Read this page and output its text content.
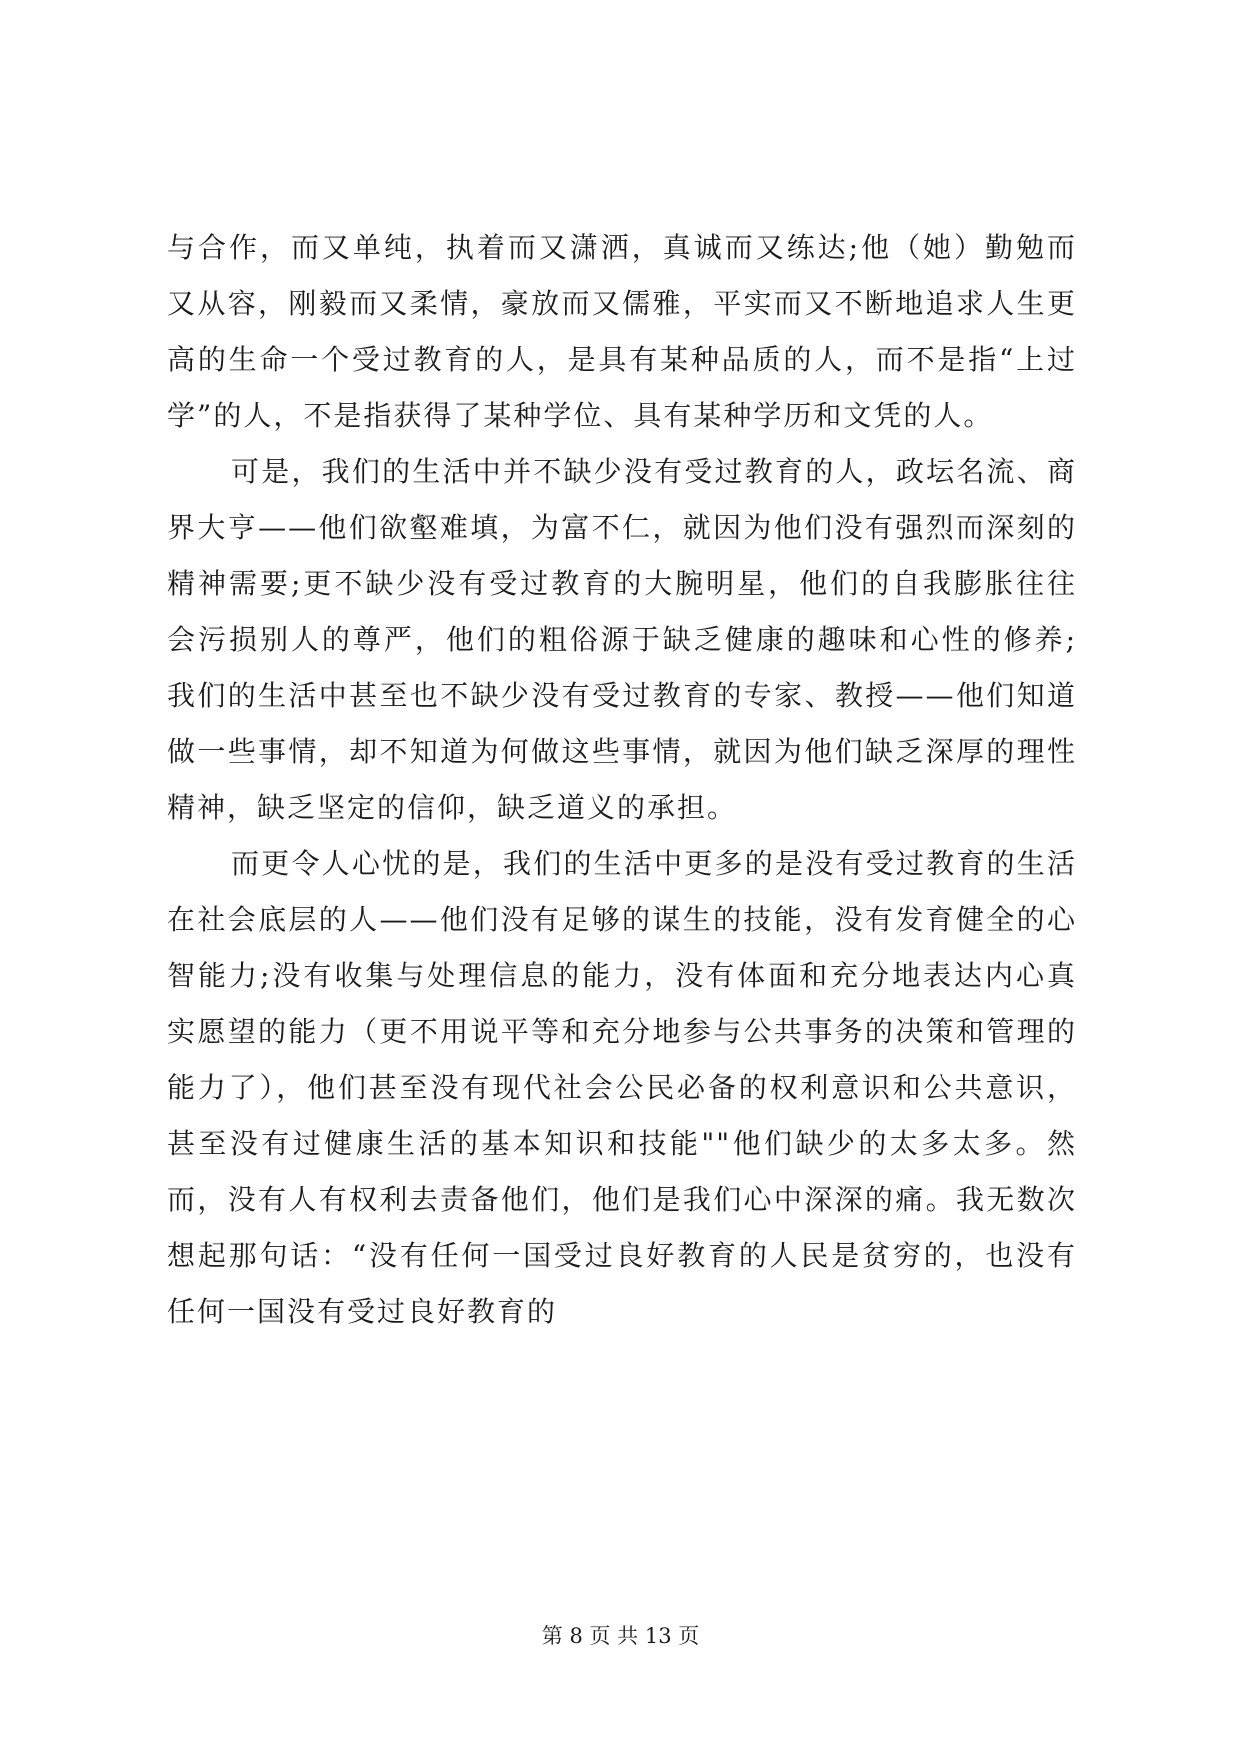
与合作，而又单纯，执着而又潇洒，真诚而又练达;他（她）勤勉而又从容，刚毅而又柔情，豪放而又儒雅，平实而又不断地追求人生更高的生命一个受过教育的人，是具有某种品质的人，而不是指“上过学”的人，不是指获得了某种学位、具有某种学历和文凭的人。

可是，我们的生活中并不缺少没有受过教育的人，政坛名流、商界大亨——他们欲壑难填，为富不仁，就因为他们没有强烈而深刻的精神需要;更不缺少没有受过教育的大腕明星，他们的自我膨胀往往会污损别人的尊严，他们的粗俗源于缺乏健康的趣味和心性的修养;我们的生活中甚至也不缺少没有受过教育的专家、教授——他们知道做一些事情，却不知道为何做这些事情，就因为他们缺乏深厚的理性精神，缺乏坚定的信仰，缺乏道义的承担。

而更令人心忧的是，我们的生活中更多的是没有受过教育的生活在社会底层的人——他们没有足够的谋生的技能，没有发育健全的心智能力;没有收集与处理信息的能力，没有体面和充分地表达内心真实愿望的能力（更不用说平等和充分地参与公共事务的决策和管理的能力了），他们甚至没有现代社会公民必备的权利意识和公共意识，甚至没有过健康生活的基本知识和技能""他们缺少的太多太多。然而，没有人有权利去责备他们，他们是我们心中深深的痛。我无数次想起那句话：“没有任何一国受过良好教育的人民是贫穷的，也没有任何一国没有受过良好教育的

第 8 页 共 13 页
